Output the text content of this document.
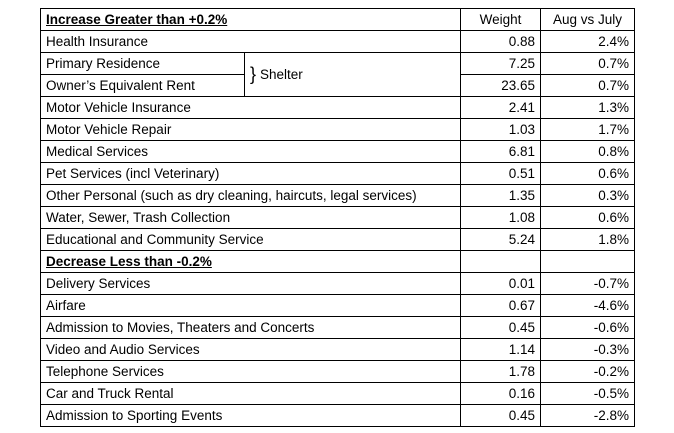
Increase Greater than +0.2%		Weight	Aug vs July
Health Insurance		0.88	2.4%
Primary Residence	} Shelter	7.25	0.7%
Owner’s Equivalent Rent		23.65	0.7%
Motor Vehicle Insurance		2.41	1.3%
Motor Vehicle Repair		1.03	1.7%
Medical Services		6.81	0.8%
Pet Services (incl Veterinary)		0.51	0.6%
Other Personal (such as dry cleaning, haircuts, legal services)		1.35	0.3%
Water, Sewer, Trash Collection		1.08	0.6%
Educational and Community Service		5.24	1.8%
Decrease Less than -0.2%			
Delivery Services		0.01	-0.7%
Airfare		0.67	-4.6%
Admission to Movies, Theaters and Concerts		0.45	-0.6%
Video and Audio Services		1.14	-0.3%
Telephone Services		1.78	-0.2%
Car and Truck Rental		0.16	-0.5%
Admission to Sporting Events		0.45	-2.8%
